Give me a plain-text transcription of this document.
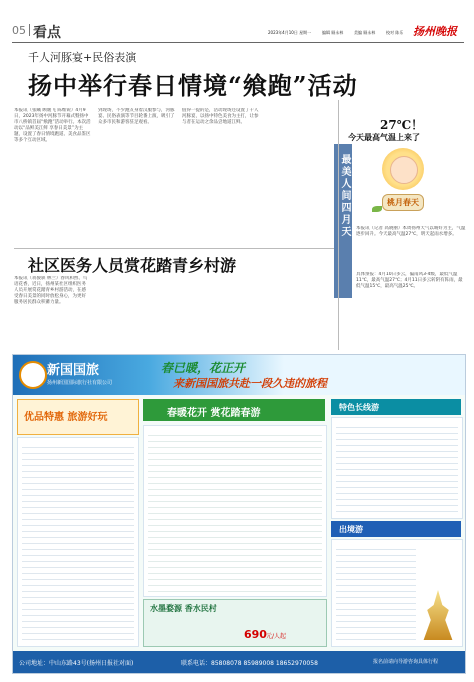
05 看点	2023年4月10日 星期一	编辑 顾永林	美编 顾永林	校对 陈乐 扬州晚报
千人河豚宴+民俗表演
扬中举行春日情境“飨跑”活动
本报讯（张曦 顾媛飞 陈维锐）4月9日，2023年扬中河豚节开幕式暨扬中市八桥镇首届“飨跑”活动举行。本次活动以“品鲜美江鲜 享春日美景”为主题，设置了春日情境跑道、美食品鉴区等多个互动区域。
到现场，不少跑友身着汉服参与，河豚宴、民俗表演等节目轮番上演，吸引了众多市民和游客驻足观看。
值得一提的是，活动现场还设置了千人河豚宴，以扬中特色美食为主打，让参与者在运动之余品尝地道江鲜。	27℃！
今天最高气温上来了
桃月春天
最美人间四月天	本报讯（记者 高晓丽）本周扬州天气以晴好为主，气温逐步回升。今天最高气温27℃，明天起雨水增多。
具体预报：4月10日多云，偏南风3-4级，最低气温11℃，最高气温27℃；4月11日多云转阴有阵雨，最低气温15℃，最高气温25℃。
社区医务人员赏花踏青乡村游
本报讯（蒋骏骐 林兰）春风和煦、鸟语花香，近日，扬州某社区组织医务人员开展赏花踏青乡村游活动，在感受春日美景的同时放松身心，为更好服务居民群众积蓄力量。
新国国旅
扬州新国国际旅行社有限公司
春已暖，花正开
来新国国旅共赴一段久违的旅程
优品特惠 旅游好玩	春暖花开 赏花踏春游
水墨婺源 香水民村
690 元/人起
特色长线游
出境游
公司地址：中山东路43号(扬州日报社对面)	联系电话：85808078 85989008 18652970058	报名前请向导游咨询具体行程
